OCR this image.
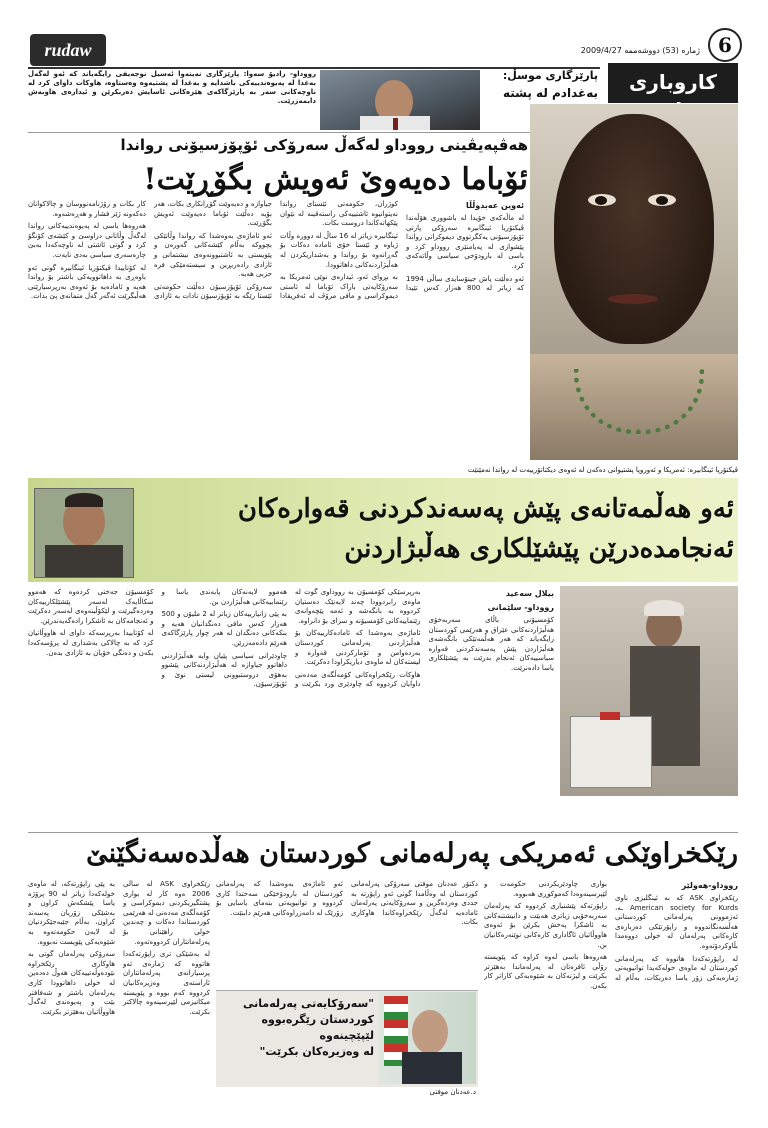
6
ژمارە (53) دووشەممە 2009/4/27
کارو‌باری
rudaw
پارێزگاری موسڵ:
بەغدادم لە پشتە
رووداو- رادیۆ سەوا: پارێزگاری نەینەوا ئەسیل نوجەیفی رایگەیاند کە ئەو لەگەڵ بەغدا لە پەیوەندییەکی باشدایە و بەغدا لە پشتیەوە وەستاوە، هاوکات داوای کرد لە ناوچەکانی سەر بە پارێزگاکەی هێزەکانی ئاسایش دەربکرێن و ئیدارەی هاوبەش دابمەزرێت.
هەڤپەیڤینی رووداو لەگەڵ سەرۆکی ئۆپۆزسیۆنی رواندا
ئۆباما دەیەوێ ئەویش بگۆڕێت!

ئەوین عەبدوڵڵا

لە ماڵەکەی خۆیدا لە باشووری هۆڵەندا ڤیکتۆریا ئینگابیرە سەرۆکی پارتی ئۆپۆزسیۆنی یەکگرتووی دیموکراتی رواندا پێشوازی لە پەیامنێری رووداو کرد و باسی لە بارودۆخی سیاسی وڵاتەکەی کرد.

ئەو دەڵێت پاش جینۆسایدی ساڵی 1994 کە زیاتر لە 800 هەزار کەس تێیدا کوژران، حکومەتی ئێستای رواندا نەیتوانیوە ئاشتییەکی راستەقینە لە نێوان پێکهاتەکاندا دروست بکات.

ئینگابیرە زیاتر لە 16 ساڵ لە دوورە وڵات ژیاوە و ئێستا خۆی ئامادە دەکات بۆ گەڕانەوە بۆ رواندا و بەشداریکردن لە هەڵبژاردنەکانی داهاتوودا.

بە بڕوای ئەو، ئیدارەی نوێی ئەمریکا بە سەرۆکایەتی باراک ئۆباما لە ئاستی دیموکراسی و مافی مرۆڤ لە ئەفریقادا جیاوازە و دەیەوێت گۆڕانکاری بکات، هەر بۆیە دەڵێت ئۆباما دەیەوێت ئەویش بگۆڕێت.

ئەو ئاماژەی بەوەشدا کە رواندا وڵاتێکی بچووکە بەڵام کێشەکانی گەورەن و پێویستی بە ئاشتبوونەوەی نیشتمانی و ئازادی رادەربڕین و سیستەمێکی فرە حزبی هەیە.

سەرۆکی ئۆپۆزسیۆن دەڵێت حکومەتی ئێستا رێگە بە ئۆپۆزسیۆن نادات بە ئازادی کار بکات و رۆژنامەنووسان و چالاکوانان دەکەونە ژێر فشار و هەڕەشەوە.

هەروەها باسی لە پەیوەندییەکانی رواندا لەگەڵ وڵاتانی دراوسێ و کێشەی کۆنگۆ کرد و گوتی ئاشتی لە ناوچەکەدا بەبێ چارەسەری سیاسی بەدی نایەت.

لە کۆتاییدا ڤیکتۆریا ئینگابیرە گوتی ئەو باوەڕی بە داهاتوویەکی باشتر بۆ رواندا هەیە و ئامادەیە بۆ ئەوەی بەرپرسیارێتی هەڵبگرێت ئەگەر گەل متمانەی پێ بدات.

ڤیکتۆریا ئینگابیرە: ئەمریکا و ئەوروپا پشتیوانی دەکەن لە ئەوەی دیکتاتۆرییەت لە رواندا نەمێنێت
ئەو هەڵمەتانەی پێش پەسەندکردنی قەوارەکان
ئەنجامدەدرێن پێشێلکاری هەڵبژاردنن

بیلال سەعید

رووداو- سلێمانی

کۆمسیۆنی باڵای سەربەخۆی هەڵبژاردنەکانی عێراق و هەرێمی کوردستان رایگەیاند کە هەر هەڵمەتێکی بانگەشەی هەڵبژاردن پێش پەسەندکردنی قەوارە سیاسییەکان ئەنجام بدرێت بە پێشێلکاری یاسا دادەنرێت.

بەرپرسێکی کۆمسیۆن بە رووداوی گوت لە ماوەی رابردوودا چەند لایەنێک دەستیان کردووە بە بانگەشە و ئەمە پێچەوانەی رێنماییەکانی کۆمسیۆنە و سزای بۆ دانراوە.

ئاماژەی بەوەشدا کە ئامادەکارییەکان بۆ هەڵبژاردنی پەرلەمانی کوردستان بەردەوامن و تۆمارکردنی قەوارە و لیستەکان لە ماوەی دیاریکراودا دەکرێت.

هاوکات رێکخراوەکانی کۆمەڵگەی مەدەنی داوایان کردووە کە چاودێری ورد بکرێت و هەموو لایەنەکان پابەندی یاسا و رێنماییەکانی هەڵبژاردن بن.

بە پێی زانیارییەکان زیاتر لە 2 ملیۆن و 500 هەزار کەس مافی دەنگدانیان هەیە و بنکەکانی دەنگدان لە هەر چوار پارێزگاکەی هەرێم دادەمەزرێن.

چاودێرانی سیاسی پێیان وایە هەڵبژاردنی داهاتوو جیاوازە لە هەڵبژاردنەکانی پێشوو بەهۆی دروستبوونی لیستی نوێ و ئۆپۆزسیۆن.

کۆمسیۆن جەختی کردەوە کە هەموو سکاڵایەک لەسەر پێشێلکارییەکان وەردەگیرێت و لێکۆڵینەوەی لەسەر دەکرێت و ئەنجامەکان بە ئاشکرا رادەگەیەندرێن.

لە کۆتاییدا بەرپرسەکە داوای لە هاووڵاتیان کرد کە بە چالاکی بەشداری لە پرۆسەکەدا بکەن و دەنگی خۆیان بە ئازادی بدەن.

رێکخراوێکی ئەمریکی پەرلەمانی کوردستان هەڵدەسەنگێنێ

رووداو-هەولێر

رێکخراوی ASK کە بە ئینگلیزی ناوی American society for Kurds ـە، ئەزموونی پەرلەمانی کوردستانی هەڵسەنگاندووە و راپۆرتێکی دەربارەی کارەکانی پەرلەمان لە خولی دووەمدا بڵاوکردۆتەوە.

لە راپۆرتەکەدا هاتووە کە پەرلەمانی کوردستان لە ماوەی خولەکەیدا توانیویەتی ژمارەیەکی زۆر یاسا دەربکات، بەڵام لە بواری چاودێریکردنی حکومەت و لێپرسینەوەدا کەموکوڕی هەبووە.

راپۆرتەکە پێشنیاری کردووە کە پەرلەمان سەربەخۆیی زیاتری هەبێت و دانیشتنەکانی بە ئاشکرا پەخش بکرێن بۆ ئەوەی هاووڵاتیان ئاگاداری کارەکانی نوێنەرەکانیان بن.

هەروەها باسی لەوە کراوە کە پێویستە رۆڵی ئافرەتان لە پەرلەماندا بەهێزتر بکرێت و لیژنەکان بە شێوەیەکی کاراتر کار بکەن.

دکتۆر عەدنان موفتی سەرۆکی پەرلەمانی کوردستان لە وەڵامدا گوتی ئەو راپۆرتە بە جددی وەردەگرین و سەرۆکایەتی پەرلەمان ئامادەیە لەگەڵ رێکخراوەکاندا هاوکاری بکات.

ئەو ئاماژەی بەوەشدا کە پەرلەمانی کوردستان لە بارودۆخێکی سەختدا کاری کردووە و توانیویەتی بنەمای یاسایی بۆ زۆرێک لە دامەزراوەکانی هەرێم دابنێت.

"سەرۆکایەتی پەرلەمانی
کوردستان رێگرەبووە لێپێچینەوە
لە وەزیرەکان بکرێت"
د.عەدنان موفتی

رێکخراوی ASK لە ساڵی 2006 ەوە کار لە بواری پشتگیریکردنی دیموکراسی و کۆمەڵگەی مەدەنی لە هەرێمی کوردستاندا دەکات و چەندین خولی راهێنانی بۆ پەرلەمانتاران کردووەتەوە.

لە بەشێکی تری راپۆرتەکەدا هاتووە کە ژمارەی ئەو پرسیارانەی پەرلەمانتاران ئاراستەی وەزیرەکانیان کردووە کەم بووە و پێویستە میکانیزمی لێپرسینەوە چالاکتر بکرێت.

بە پێی راپۆرتەکە، لە ماوەی خولەکەدا زیاتر لە 90 پرۆژە یاسا پێشکەش کراون و بەشێکی زۆریان پەسەند کراون، بەڵام جێبەجێکردنیان لە لایەن حکومەتەوە بە شێوەیەکی پێویست نەبووە.

سەرۆکی پەرلەمان گوتی بە هاوکاری رێکخراوە نێودەوڵەتییەکان هەوڵ دەدەین لە خولی داهاتوودا کاری پەرلەمان باشتر و شەفافتر بێت و پەیوەندی لەگەڵ هاووڵاتیان بەهێزتر بکرێت.
